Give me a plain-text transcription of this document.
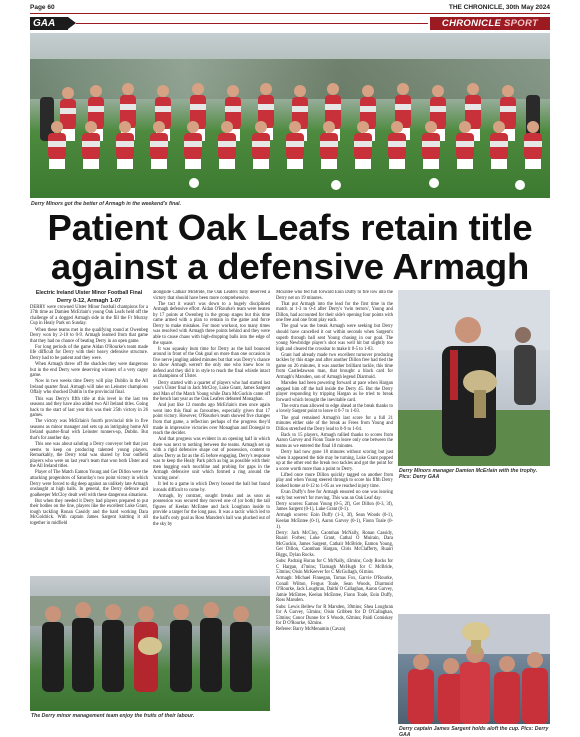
Page 60	THE CHRONICLE, 30th May 2024
GAA	CHRONICLE SPORT
Derry Minors got the better of Armagh in the weekend's final.
Patient Oak Leafs retain title against a defensive Armagh
Electric Ireland Ulster Minor Football Final
Derry 0-12, Armagh 1-07

DERRY were crowned Ulster Minor football champions for a 37th time as Damien McErlain's young Oak Leafs held off the challenge of a dogged Armagh side in the fill the Fr Murray Cup in Healy Park on Sunday.

When these teams met in the qualifying round at Owenbeg Derry won by 2-10 to 0-9. Armagh learned from that game that they had no chance of beating Derry in an open game.

For long periods of the game Aidan O'Rourke's team made life difficult for Derry with their heavy defensive structure. Derry had to be patient and they were.

When Armagh threw off the shackles they were dangerous but in the end Derry were deserving winners of a very cagey game.

Now in two weeks time Derry will play Dublin in the All Ireland quarter final. Armagh will take on Leinster champions Offaly who shocked Dublin in the provincial final.

This was Derry's fifth title at this level in the last ten seasons and they have also added two All Ireland titles. Going back to the start of last year this was their 25th victory in 26 games.

The victory was McErlain's fourth provincial title in five seasons as minor manager and sets up an intriguing home All Ireland quarter-final with Leinster runners-up, Dublin. But that's for another day.

This one was about saluting a Derry conveyor belt that just seems to keep on producing talented young players. Remarkably, the Derry total was shared by four outfield players who were on last year's team that won both Ulster and the All Ireland titles.

Player of The Match Eamon Young and Ger Dillon were the attacking progenitors of Saturday's two point victory in which Derry were forced to dig deep against an unlikely late Armagh onslaught at high balls. In general, the Derry defence and goalkeeper McCloy dealt well with these dangerous situations.

But when they needed it Derry had players prepared to put their bodies on the line, players like the excellent Luke Grant, tough tackling Ronan Cassidy and the hard working Dara McGoldrick. With captain James Sargent knitting it all together in midfield

alongside Cathair McBride, the Oak Leafers fully deserved a victory that should have been more comprehensive.

The tact it wasn't was down to a hugely disciplined Armagh defensive effort. Aidan O'Rourke's team were beaten by 17 points at Owenbeg in the group stages but this time came armed with a plan to remain in the game and force Derry to make mistakes. For most workout, too many times was resolved with Armagh three points behind and they were able to cause chaos with high-dropping balls into the edge of the square.

It was squeaky bum time for Derry as the ball bounced around in front of the Oak goal on more than one occasion in five nerve jangling added minutes but that was Derry's chance to show Armagh weren't the only one who knew how to defend and they did it in style to reach the final whistle intact as champions of Ulster.

Derry started with a quartet of players who had started last year's Ulster final in Jack McCloy, Luke Grant, James Sargent and Man of the Match Young while Dara McGuckin came off the bench last year as the Oak Leafers defeated Monaghan.

And just like 12 months ago McErlain's men once again went into this final as favourites, especially given that 17 point victory. However, O'Rourke's team showed five changes from that game, a reflection perhaps of the progress they'd made in impressive victories over Monaghan and Donegal to reach the decider.

And that progress was evident in an opening half in which there was next to nothing between the teams. Armagh set up with a rigid defensive shape out of possession, content to allow Derry as far as the 45 before engaging. Derry's response was to keep the Healy Park pitch as big as possible with their men hugging each touchline and probing for gaps in the Armagh defensive unit which formed a ring around the 'scoring zone'.

It led to a game in which Derry bossed the ball but found inroads difficult to come by.

Armagh, by contrast, sought breaks and as soon as possession was secured they moved one of (or both) the tall figures of Keelan McEntee and Jack Loughran inside to provide a target for the long pass. It was a tactic which led to the half's only goal as Ross Marsden's ball was plucked out of the sky by

McEntee who fed full forward Eoin Duffy to fire low into the Derry net on 19 minutes.

That put Armagh into the lead for the first time in the match at 1-3 to 0-4 after Derry's 'twin terrors', Young and Dillon, had accounted for their side's opening four points with one free and one from play each.

The goal was the break Armagh were seeking but Derry should have cancelled it out within seconds when Sargent's superb through ball sent Young chasing in our goal. The young Newbridge player's shot was well hit but slightly too high and cleared the crossbar to make it 0-5 to 1-03.

Grant had already made two excellent turnover producing tackles by this stage and after another Dillon free had tied the game on 26 minutes, it was another brilliant tackle, this time from Castledawson man, that brought a black card for Armagh's Marsden, son of Armagh legend Diarmuid.

Marsden had been powering forward at pace when Hargan stepped him off the ball inside the Derry 45. But the Derry player responding by tripping Hargan as he tried to break forward which brought the inevitable card.

The extra man allowed to edge ahead at the break thanks to a lovely Sargent point to leave it 0-7 to 1-03.

The goal remained Armagh's last score for a full 21 minutes either side of the break as Frees from Young and Dillon stretched the Derry lead to 0-9 to 1-04.

Back to 15 players, Armagh rallied thanks to scores from Aaron Garvey and Fionn Toale to leave only one between the teams as we entered the final 10 minutes.

Derry had now gone 18 minutes without scoring but just when it appeared the tide may be turning, Luke Grant popped up at the other end the break two tackles and got the point for a score worth more than a point to Derry.

Lifted once more Dillon quickly tagged on another from play and when Young steered through to score his fifth Derry looked home at 0-12 to 1-05 as we reached injury time.

Evan Duffy's free for Armagh ensured no one was leaving early but weren't for moving. This was an Oak Leaf day.

Derry scorers: Eamon Young (0-5, 2f), Ger Dillon (0-3, 3f), James Sargent (0-1), Luke Grant (0-1).

Armagh scorers: Eoin Duffy (1-3, 3f), Sean Woods (0-1), Keelan McEntee (0-1), Aaron Garvey (0-1), Fionn Toale (0-1).

Derry: Jack McCloy, Caomhan McNally, Ronan Cassidy, Ruairi Forbes; Luke Grant, Cathal O Muirain, Dara McGuckin, James Sargent, Cathair McBride, Eamon Young, Ger Dillon, Caomhan Hargan, Chris McClafferty, Ruairi Biggs, Dylan Rocks.

Subs: Padraig Horan for C McNally, 43mins; Cody Rocks for C Hargan, 47mins; Tiarnagh McHugh for C McBride, 53mins; Oisin McKeever for C McGullagh, 61mins.

Armagh: Michael Finnegan, Tomas Fox, Garvie O'Rourke, Conall Wilton, Fergus Toale, Sean Woods, Diarmuid O'Rourke, Jack Loughran, Daithi O Callaghan, Aaron Garvey, Jamie McEntee, Keelan McEntee, Fionn Toale, Eoin Duffy, Ross Marsden.

Subs: Lewis Bellew for R Marsden, 39mins; Shea Loughran for A Garvey, 53mins; Oisin Gribben for D O'Callaghan, 53mins; Conor Dunne for S Woods, 62mins; Paidi Comiskey for D O'Rourke, 62mins.

Referee: Barry McMenamin (Cavan)

Derry Minors manager Damien McErlain with the trophy. Pics: Derry GAA
The Derry minor management team enjoy the fruits of their labour.
Derry captain James Sargent holds aloft the cup. Pics: Derry GAA
